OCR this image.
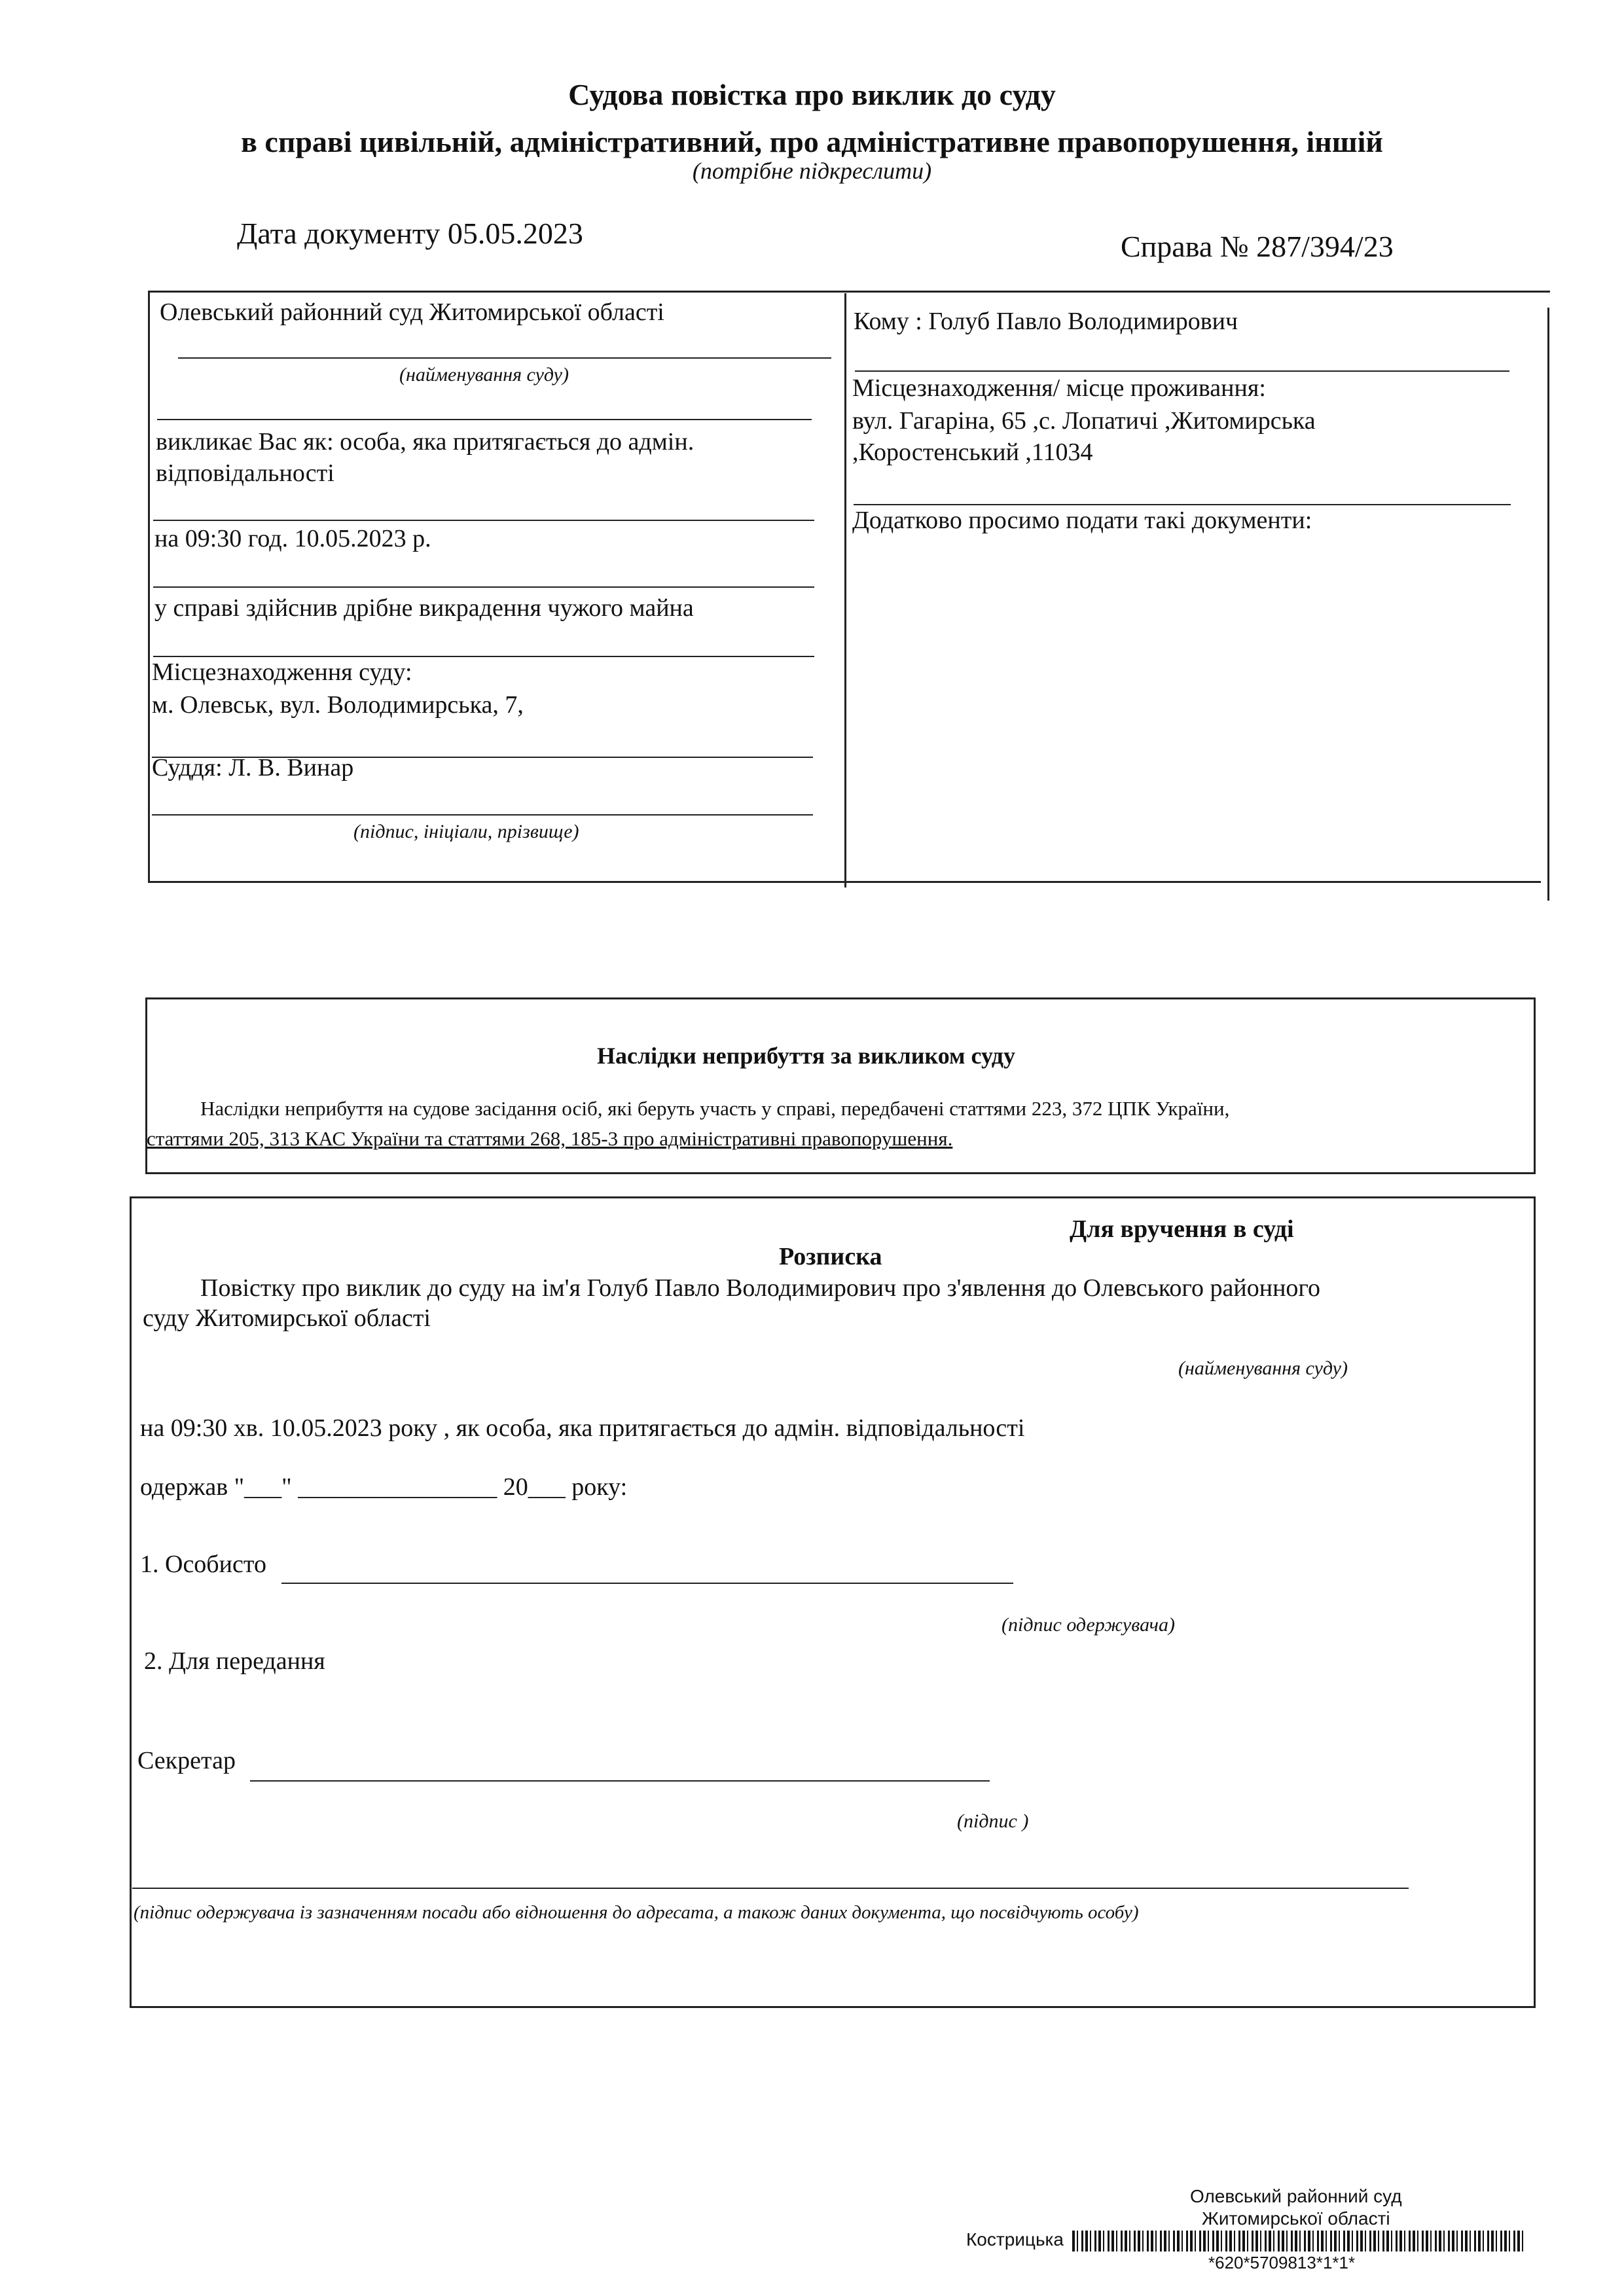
Судова повістка про виклик до суду
в справі цивільній, адміністративний, про адміністративне правопорушення, іншій
(потрібне підкреслити)
Дата документу 05.05.2023	Справа № 287/394/23
Олевський районний суд Житомирської області
(найменування суду)
викликає Вас як: особа, яка притягається до адмін.
відповідальності
на 09:30 год. 10.05.2023 р.
у справі здійснив дрібне викрадення чужого майна
Місцезнаходження суду:
м. Олевськ, вул. Володимирська, 7,
Суддя: Л. В. Винар
(підпис, ініціали, прізвище)
Кому : Голуб Павло Володимирович
Місцезнаходження/ місце проживання:
вул. Гагаріна, 65 ,с. Лопатичі ,Житомирська
,Коростенський ,11034
Додатково просимо подати такі документи:
Наслідки неприбуття за викликом суду
Наслідки неприбуття на судове засідання осіб, які беруть участь у справі, передбачені статтями 223, 372 ЦПК України,
статтями 205, 313 КАС України та статтями 268, 185-3 про адміністративні правопорушення.
Для вручення в суді
Розписка
Повістку про виклик до суду на ім'я Голуб Павло Володимирович про з'явлення до Олевського районного
суду Житомирської області
(найменування суду)
на 09:30 хв. 10.05.2023 року , як особа, яка притягається до адмін. відповідальності
одержав "___" ________________ 20___ року:
1. Особисто
(підпис одержувача)
2. Для передання
Секретар
(підпис )
(підпис одержувача із зазначенням посади або відношення до адресата, а також даних документа, що посвідчують особу)
Олевський районний суд
Житомирської області
Кострицька
*620*5709813*1*1*
